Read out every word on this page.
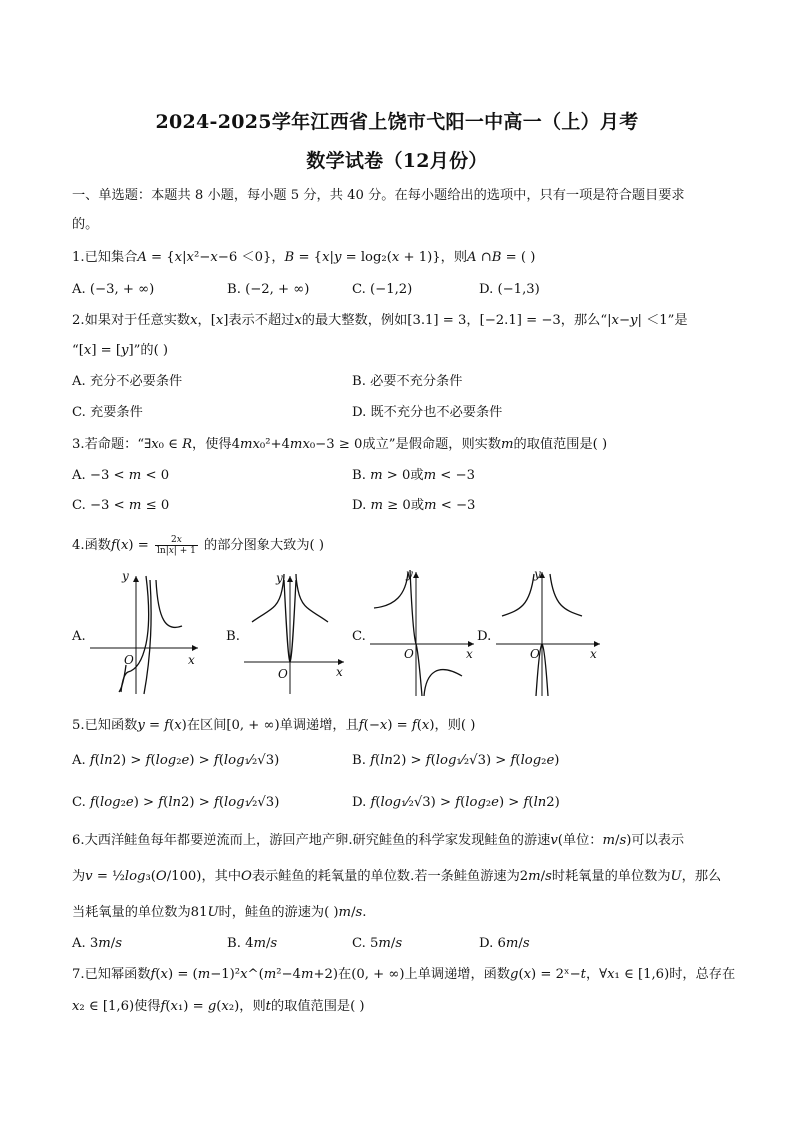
2024-2025学年江西省上饶市弋阳一中高一（上）月考
数学试卷（12月份）
一、单选题：本题共 8 小题，每小题 5 分，共 40 分。在每小题给出的选项中，只有一项是符合题目要求
的。
1.已知集合𝐴 = {𝑥|𝑥²−𝑥−6 ＜0}，𝐵 = {𝑥|𝑦 = log₂(𝑥 + 1)}，则𝐴 ∩𝐵 = ( )
A. (−3, + ∞)	B. (−2, + ∞)	C. (−1,2)	D. (−1,3)
2.如果对于任意实数𝑥，[𝑥]表示不超过𝑥的最大整数，例如[3.1] = 3，[−2.1] = −3，那么“|𝑥−𝑦| ＜1”是
“[𝑥] = [𝑦]”的( )
A. 充分不必要条件	B. 必要不充分条件
C. 充要条件	D. 既不充分也不必要条件
3.若命题：“∃𝑥₀ ∈ 𝑅，使得4𝑚𝑥₀²+4𝑚𝑥₀−3 ≥ 0成立”是假命题，则实数𝑚的取值范围是( )
A. −3 < 𝑚 < 0	B. 𝑚 > 0或𝑚 < −3
C. −3 < 𝑚 ≤ 0	D. 𝑚 ≥ 0或𝑚 < −3
4.函数𝑓(𝑥) =	2𝑥
ln|𝑥| + 1 的部分图象大致为( )
A.	B.	C.	D.
y
x
O
y
x
O
y
x
O
y
x
O
5.已知函数𝑦 = 𝑓(𝑥)在区间[0, + ∞)单调递增，且𝑓(−𝑥) = 𝑓(𝑥)，则( )
A. 𝑓(𝑙𝑛2) > 𝑓(𝑙𝑜𝑔₂𝑒) > 𝑓(𝑙𝑜𝑔₁⁄₂√3)	B. 𝑓(𝑙𝑛2) > 𝑓(𝑙𝑜𝑔₁⁄₂√3) > 𝑓(𝑙𝑜𝑔₂𝑒)
C. 𝑓(𝑙𝑜𝑔₂𝑒) > 𝑓(𝑙𝑛2) > 𝑓(𝑙𝑜𝑔₁⁄₂√3)	D. 𝑓(𝑙𝑜𝑔₁⁄₂√3) > 𝑓(𝑙𝑜𝑔₂𝑒) > 𝑓(𝑙𝑛2)
6.大西洋鲑鱼每年都要逆流而上，游回产地产卵.研究鲑鱼的科学家发现鲑鱼的游速𝑣(单位：𝑚/𝑠)可以表示
为𝑣 = ½𝑙𝑜𝑔₃(𝑂/100)，其中𝑂表示鲑鱼的耗氧量的单位数.若一条鲑鱼游速为2𝑚/𝑠时耗氧量的单位数为𝑈，那么
当耗氧量的单位数为81𝑈时，鲑鱼的游速为( )𝑚/𝑠.
A. 3𝑚/𝑠	B. 4𝑚/𝑠	C. 5𝑚/𝑠	D. 6𝑚/𝑠
7.已知幂函数𝑓(𝑥) = (𝑚−1)²𝑥^(𝑚²−4𝑚+2)在(0, + ∞)上单调递增，函数𝑔(𝑥) = 2ˣ−𝑡，∀𝑥₁ ∈ [1,6)时，总存在
𝑥₂ ∈ [1,6)使得𝑓(𝑥₁) = 𝑔(𝑥₂)，则𝑡的取值范围是( )
